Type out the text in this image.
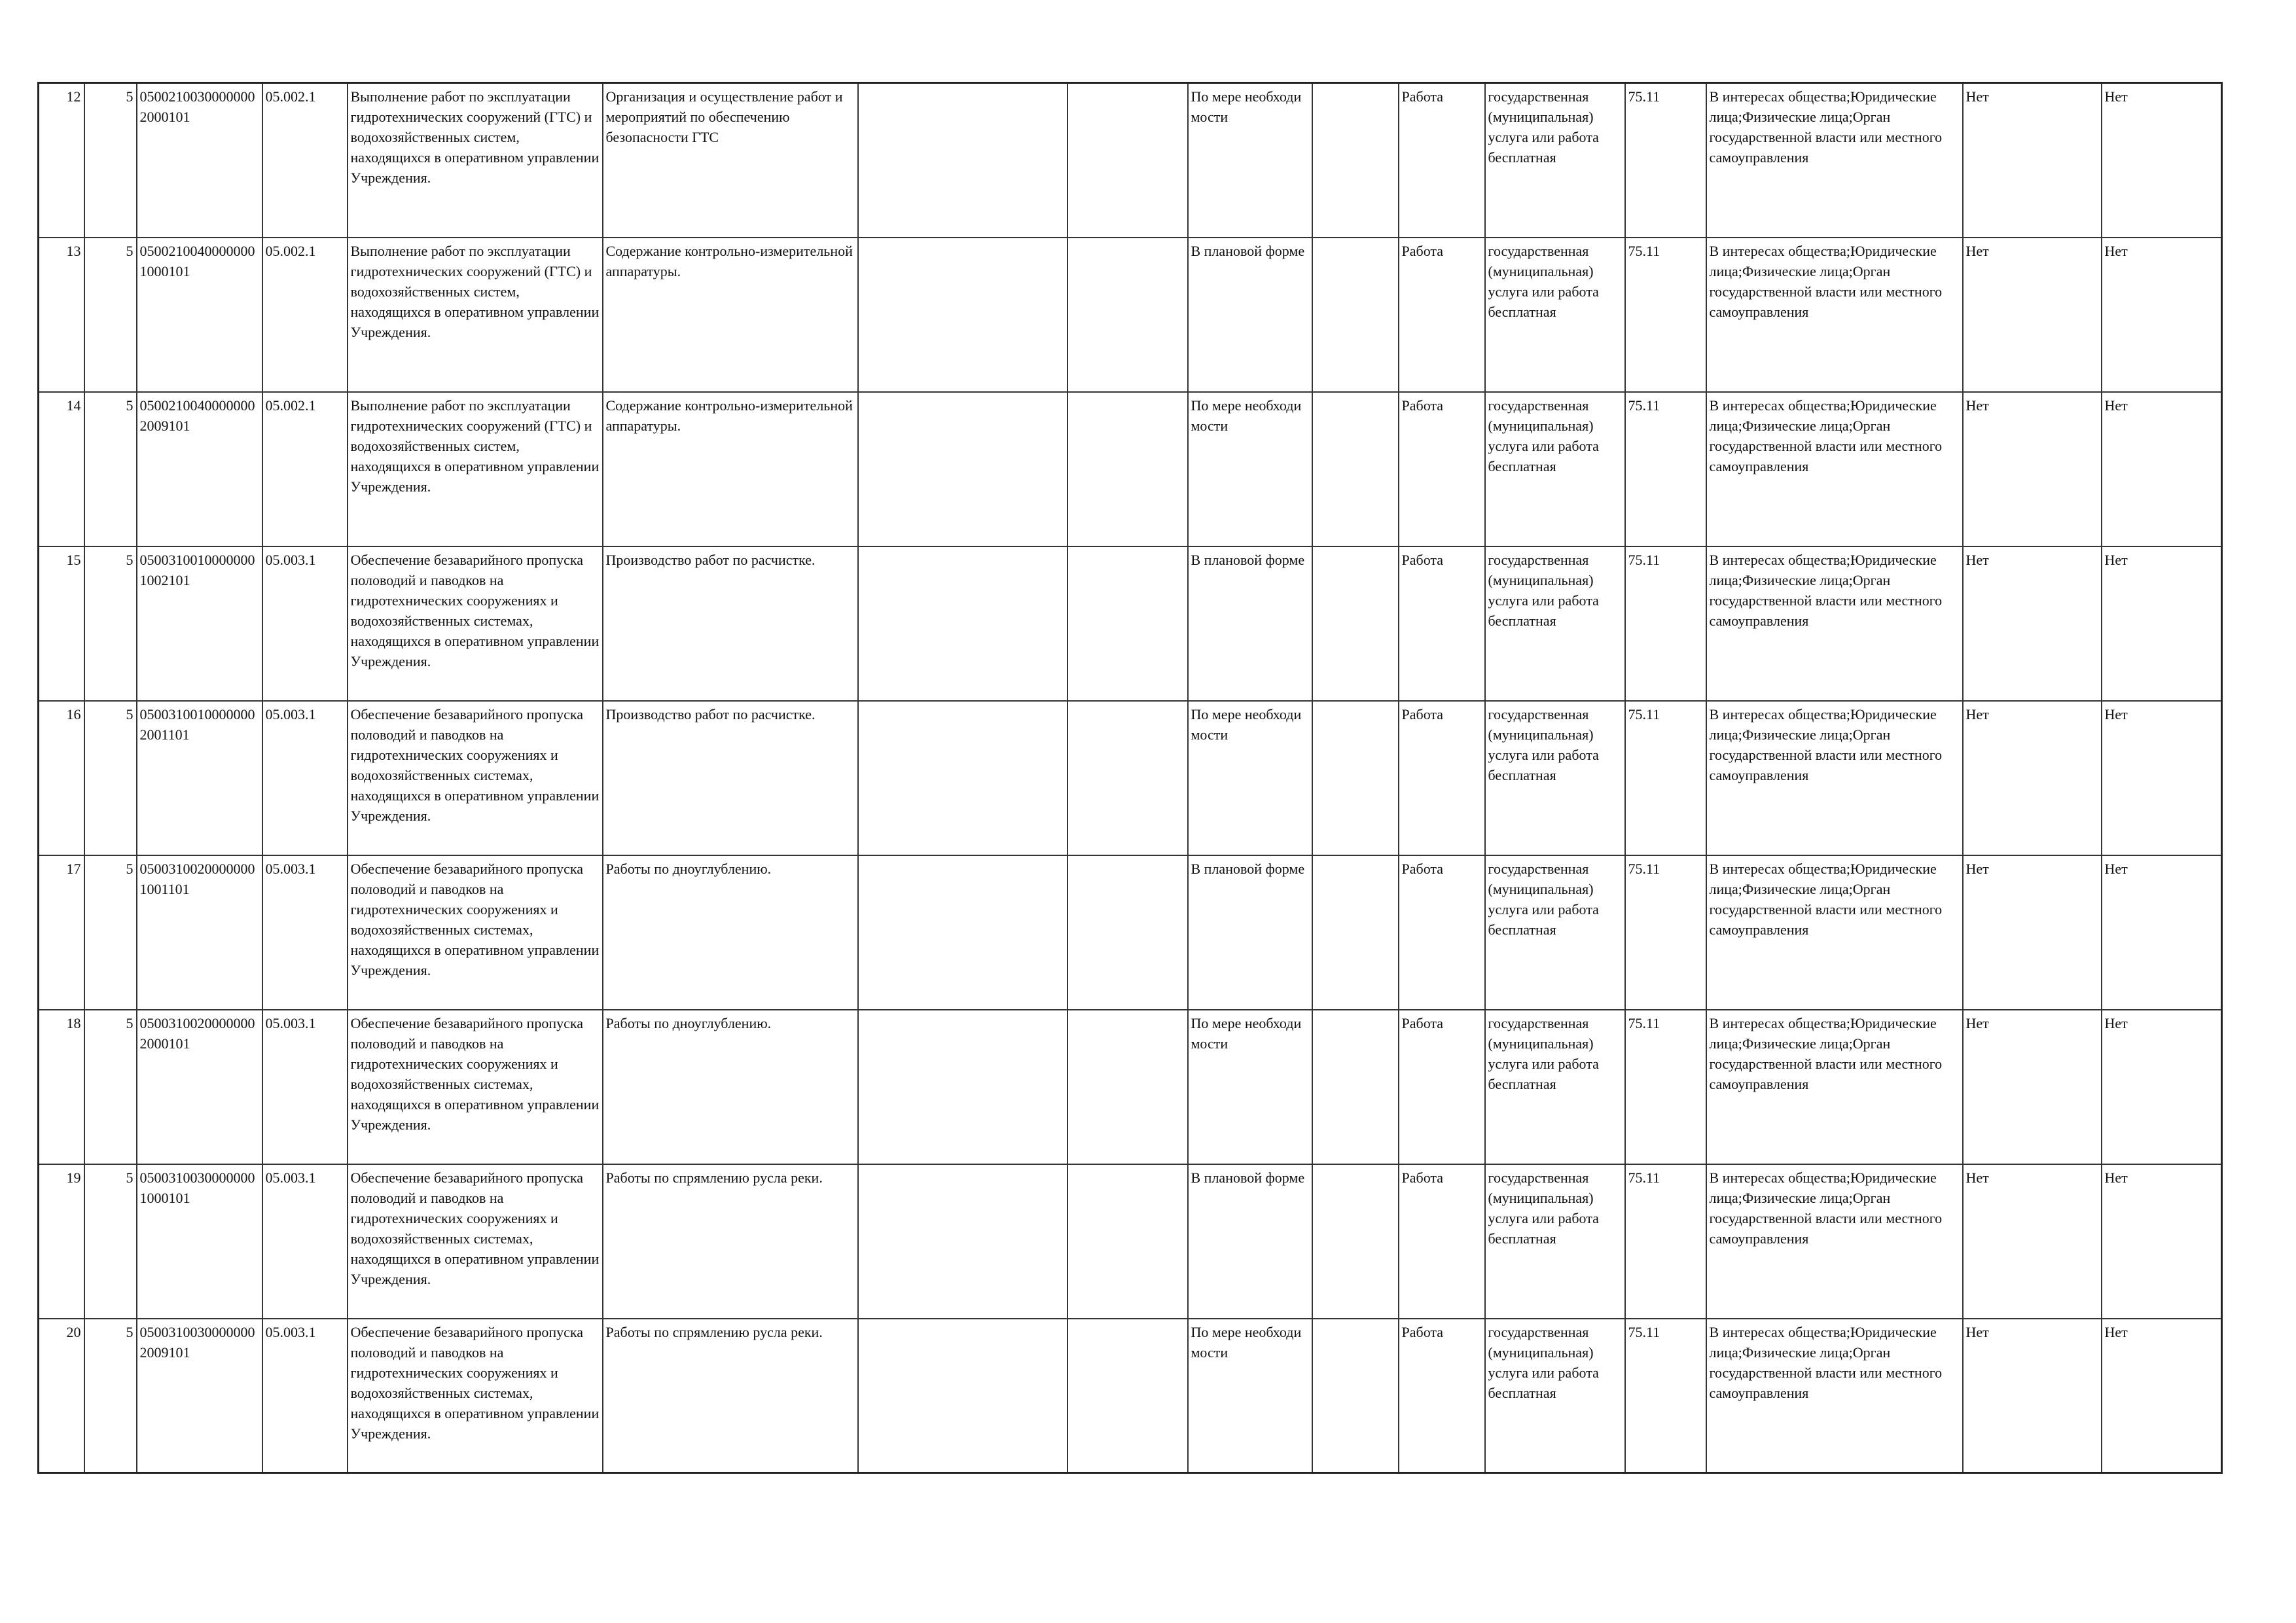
12	5	05002100300000002000101	05.002.1	Выполнение работ по эксплуатации гидротехнических сооружений (ГТС) и водохозяйственных систем, находящихся в оперативном управлении Учреждения.	Организация и осуществление работ и мероприятий по обеспечению безопасности ГТС			По мере необходи мости		Работа	государственная (муниципальная) услуга или работа бесплатная	75.11	В интересах общества;Юридические лица;Физические лица;Орган государственной власти или местного самоуправления	Нет	Нет
13	5	05002100400000001000101	05.002.1	Выполнение работ по эксплуатации гидротехнических сооружений (ГТС) и водохозяйственных систем, находящихся в оперативном управлении Учреждения.	Содержание контрольно-измерительной аппаратуры.			В плановой форме		Работа	государственная (муниципальная) услуга или работа бесплатная	75.11	В интересах общества;Юридические лица;Физические лица;Орган государственной власти или местного самоуправления	Нет	Нет
14	5	05002100400000002009101	05.002.1	Выполнение работ по эксплуатации гидротехнических сооружений (ГТС) и водохозяйственных систем, находящихся в оперативном управлении Учреждения.	Содержание контрольно-измерительной аппаратуры.			По мере необходи мости		Работа	государственная (муниципальная) услуга или работа бесплатная	75.11	В интересах общества;Юридические лица;Физические лица;Орган государственной власти или местного самоуправления	Нет	Нет
15	5	05003100100000001002101	05.003.1	Обеспечение безаварийного пропуска половодий и паводков на гидротехнических сооружениях и водохозяйственных системах, находящихся в оперативном управлении Учреждения.	Производство работ по расчистке.			В плановой форме		Работа	государственная (муниципальная) услуга или работа бесплатная	75.11	В интересах общества;Юридические лица;Физические лица;Орган государственной власти или местного самоуправления	Нет	Нет
16	5	05003100100000002001101	05.003.1	Обеспечение безаварийного пропуска половодий и паводков на гидротехнических сооружениях и водохозяйственных системах, находящихся в оперативном управлении Учреждения.	Производство работ по расчистке.			По мере необходи мости		Работа	государственная (муниципальная) услуга или работа бесплатная	75.11	В интересах общества;Юридические лица;Физические лица;Орган государственной власти или местного самоуправления	Нет	Нет
17	5	05003100200000001001101	05.003.1	Обеспечение безаварийного пропуска половодий и паводков на гидротехнических сооружениях и водохозяйственных системах, находящихся в оперативном управлении Учреждения.	Работы по дноуглублению.			В плановой форме		Работа	государственная (муниципальная) услуга или работа бесплатная	75.11	В интересах общества;Юридические лица;Физические лица;Орган государственной власти или местного самоуправления	Нет	Нет
18	5	05003100200000002000101	05.003.1	Обеспечение безаварийного пропуска половодий и паводков на гидротехнических сооружениях и водохозяйственных системах, находящихся в оперативном управлении Учреждения.	Работы по дноуглублению.			По мере необходи мости		Работа	государственная (муниципальная) услуга или работа бесплатная	75.11	В интересах общества;Юридические лица;Физические лица;Орган государственной власти или местного самоуправления	Нет	Нет
19	5	05003100300000001000101	05.003.1	Обеспечение безаварийного пропуска половодий и паводков на гидротехнических сооружениях и водохозяйственных системах, находящихся в оперативном управлении Учреждения.	Работы по спрямлению русла реки.			В плановой форме		Работа	государственная (муниципальная) услуга или работа бесплатная	75.11	В интересах общества;Юридические лица;Физические лица;Орган государственной власти или местного самоуправления	Нет	Нет
20	5	05003100300000002009101	05.003.1	Обеспечение безаварийного пропуска половодий и паводков на гидротехнических сооружениях и водохозяйственных системах, находящихся в оперативном управлении Учреждения.	Работы по спрямлению русла реки.			По мере необходи мости		Работа	государственная (муниципальная) услуга или работа бесплатная	75.11	В интересах общества;Юридические лица;Физические лица;Орган государственной власти или местного самоуправления	Нет	Нет
